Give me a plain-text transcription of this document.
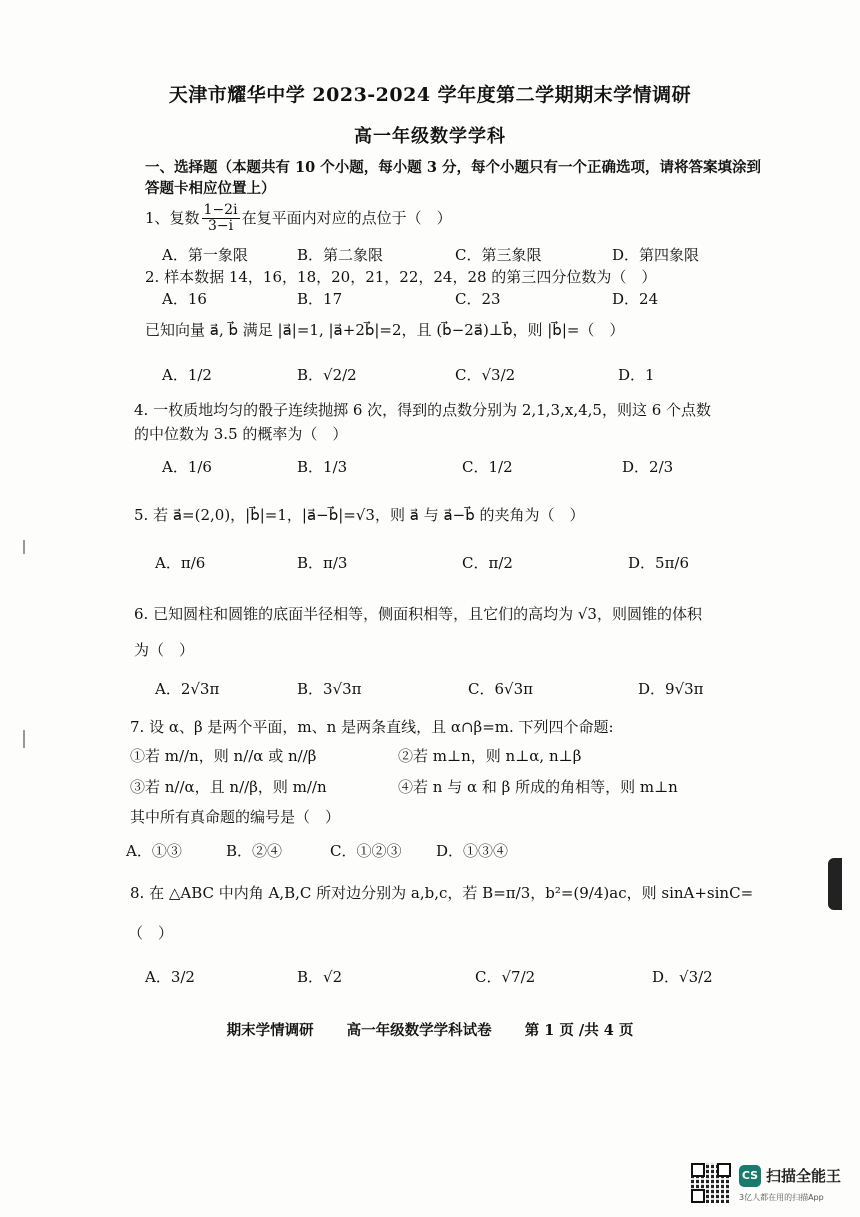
天津市耀华中学 2023-2024 学年度第二学期期末学情调研
高一年级数学学科
一、选择题（本题共有 10 个小题，每小题 3 分，每个小题只有一个正确选项，请将答案填涂到答题卡相应位置上）
1、复数 $\frac{1-2i}{3-i}$ 在复平面内对应的点位于（　）
A．第一象限	B．第二象限	C．第三象限	D．第四象限
2. 样本数据 14，16，18，20，21，22，24，28 的第三四分位数为（　）
A．16	B．17	C．23	D．24
已知向量 a⃗, b⃗ 满足 |a⃗|=1, |a⃗+2b⃗|=2，且 (b⃗−2a⃗)⊥b⃗，则 |b⃗|=（　）
A．1/2	B．√2/2	C．√3/2	D．1
4. 一枚质地均匀的骰子连续抛掷 6 次，得到的点数分别为 2,1,3,x,4,5，则这 6 个点数
的中位数为 3.5 的概率为（　）
A．1/6	B．1/3	C．1/2	D．2/3
5. 若 a⃗=(2,0)，|b⃗|=1，|a⃗−b⃗|=√3，则 a⃗ 与 a⃗−b⃗ 的夹角为（　）
A．π/6	B．π/3	C．π/2	D．5π/6
6. 已知圆柱和圆锥的底面半径相等，侧面积相等，且它们的高均为 √3，则圆锥的体积
为（　）
A．2√3π	B．3√3π	C．6√3π	D．9√3π
7. 设 α、β 是两个平面，m、n 是两条直线，且 α∩β=m. 下列四个命题:
①若 m//n，则 n//α 或 n//β	②若 m⊥n，则 n⊥α, n⊥β
③若 n//α，且 n//β，则 m//n	④若 n 与 α 和 β 所成的角相等，则 m⊥n
其中所有真命题的编号是（　）
A．①③	B．②④	C．①②③ D．①③④
8. 在 △ABC 中内角 A,B,C 所对边分别为 a,b,c，若 B=π/3，b²=(9/4)ac，则 sinA+sinC=
（　）
A．3/2	B．√2	C．√7/2	D．√3/2
期末学情调研 高一年级数学学科试卷 第 1 页 /共 4 页
CS 扫描全能王
3亿人都在用的扫描App
